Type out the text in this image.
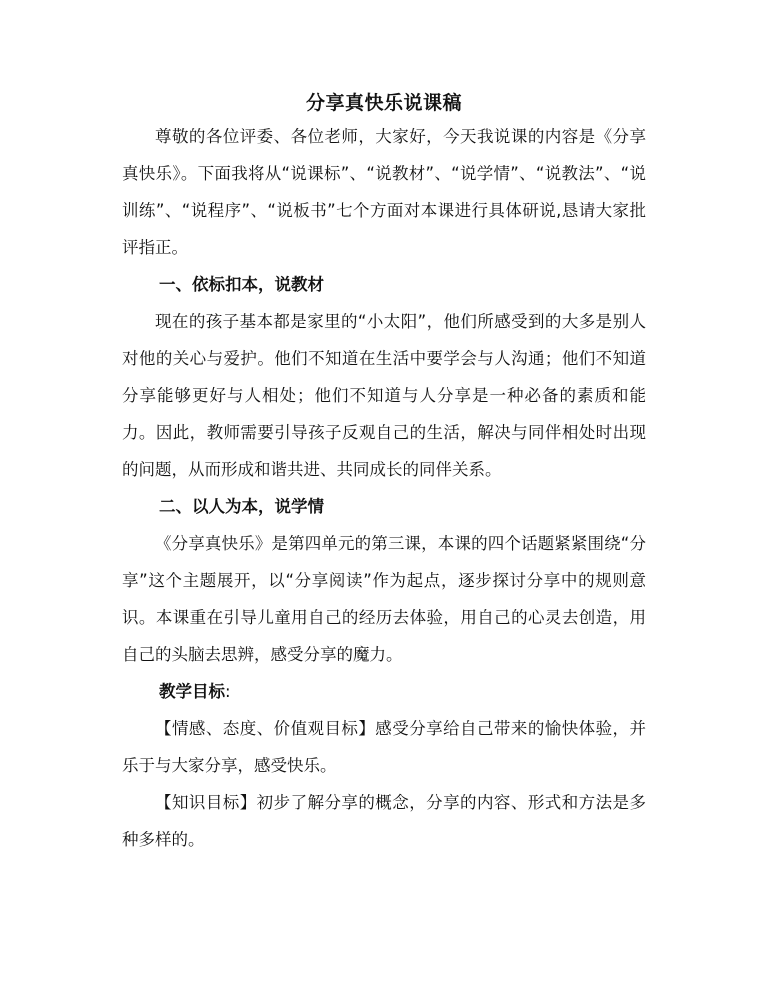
分享真快乐说课稿

尊敬的各位评委、各位老师，大家好，今天我说课的内容是《分享真快乐》。下面我将从“说课标”、“说教材”、“说学情”、“说教法”、“说训练”、“说程序”、“说板书”七个方面对本课进行具体研说,恳请大家批评指正。

一、依标扣本，说教材

现在的孩子基本都是家里的“小太阳”，他们所感受到的大多是别人对他的关心与爱护。他们不知道在生活中要学会与人沟通；他们不知道分享能够更好与人相处；他们不知道与人分享是一种必备的素质和能力。因此，教师需要引导孩子反观自己的生活，解决与同伴相处时出现的问题，从而形成和谐共进、共同成长的同伴关系。

二、以人为本，说学情

《分享真快乐》是第四单元的第三课，本课的四个话题紧紧围绕“分享”这个主题展开，以“分享阅读”作为起点，逐步探讨分享中的规则意识。本课重在引导儿童用自己的经历去体验，用自己的心灵去创造，用自己的头脑去思辨，感受分享的魔力。

教学目标:

【情感、态度、价值观目标】感受分享给自己带来的愉快体验，并乐于与大家分享，感受快乐。

【知识目标】初步了解分享的概念，分享的内容、形式和方法是多种多样的。
